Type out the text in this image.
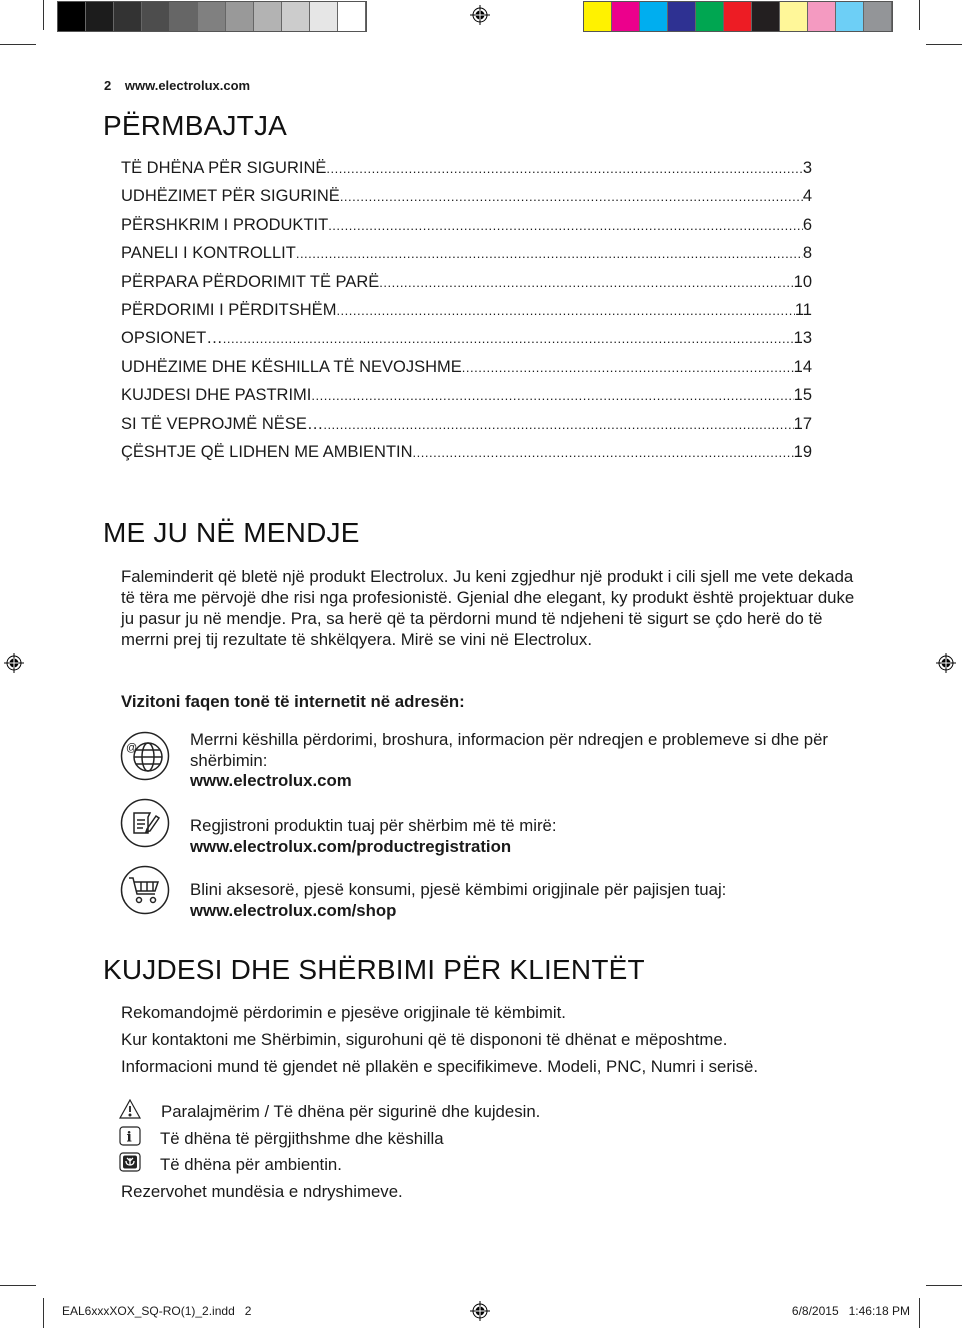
2 www.electrolux.com
PËRMBAJTJA
TË DHËNA PËR SIGURINË .....	3
UDHËZIMET PËR SIGURINË .....	4
PËRSHKRIM I PRODUKTIT .....	6
PANELI I KONTROLLIT .....	8
PËRPARA PËRDORIMIT TË PARË .....	10
PËRDORIMI I PËRDITSHËM .....	11
OPSIONET… .....	13
UDHËZIME DHE KËSHILLA TË NEVOJSHME .....	14
KUJDESI DHE PASTRIMI .....	15
SI TË VEPROJMË NËSE… .....	17
ÇËSHTJE QË LIDHEN ME AMBIENTIN .....	19
ME JU NË MENDJE
Faleminderit që bletë një produkt Electrolux. Ju keni zgjedhur një produkt i cili sjell me vete dekada të tëra me përvojë dhe risi nga profesionistë. Gjenial dhe elegant, ky produkt është projektuar duke ju pasur ju në mendje. Pra, sa herë që ta përdorni mund të ndjeheni të sigurt se çdo herë do të merrni prej tij rezultate të shkëlqyera. Mirë se vini në Electrolux.
Vizitoni faqen tonë të internetit në adresën:
@	Merrni këshilla përdorimi, broshura, informacion për ndreqjen e problemeve si dhe për shërbimin:
www.electrolux.com
Regjistroni produktin tuaj për shërbim më të mirë:
www.electrolux.com/productregistration
Blini aksesorë, pjesë konsumi, pjesë këmbimi origjinale për pajisjen tuaj:
www.electrolux.com/shop
KUJDESI DHE SHËRBIMI PËR KLIENTËT
Rekomandojmë përdorimin e pjesëve origjinale të këmbimit.
Kur kontaktoni me Shërbimin, sigurohuni që të dispononi të dhënat e mëposhtme.
Informacioni mund të gjendet në pllakën e specifikimeve. Modeli, PNC, Numri i serisë.
Paralajmërim / Të dhëna për sigurinë dhe kujdesin.
i Të dhëna të përgjithshme dhe këshilla
Të dhëna për ambientin.
Rezervohet mundësia e ndryshimeve.
EAL6xxxXOX_SQ-RO(1)_2.indd   2	6/8/2015   1:46:18 PM
